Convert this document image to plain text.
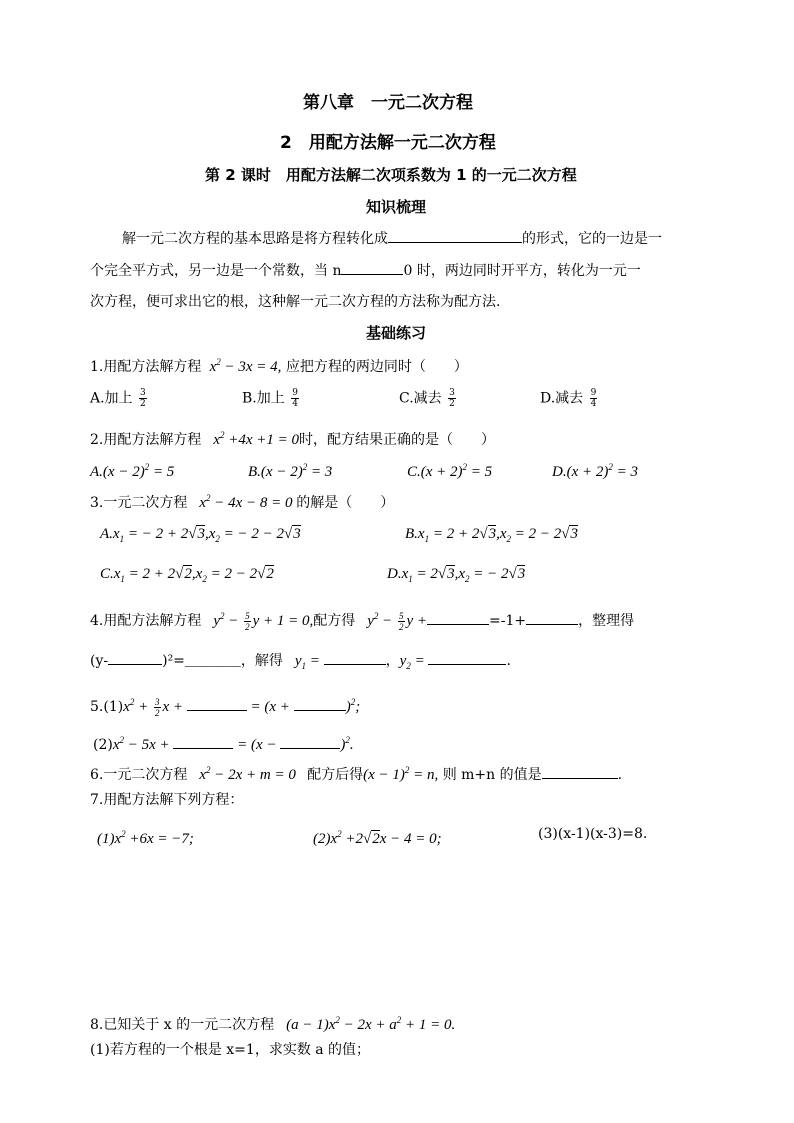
第八章　一元二次方程
2　用配方法解一元二次方程
第 2 课时　用配方法解二次项系数为 1 的一元二次方程
知识梳理
解一元二次方程的基本思路是将方程转化成	的形式，它的一边是一
个完全平方式，另一边是一个常数，当 n	0 时，两边同时开平方，转化为一元一
次方程，便可求出它的根，这种解一元二次方程的方法称为配方法.
基础练习
1.用配方法解方程  $x^2 - 3x = 4$, 应把方程的两边同时（　　）
A.加上 $\frac{3}{2}$	B.加上 $\frac{9}{4}$	C.减去 $\frac{3}{2}$	D.减去 $\frac{9}{4}$
2.用配方法解方程   $x^2 +4x +1 = 0$时，配方结果正确的是（　　）
$A.(x - 2)^2 = 5$	$B.(x - 2)^2 = 3$	$C.(x + 2)^2 = 5$	$D.(x + 2)^2 = 3$
3.一元二次方程   $x^2 - 4x - 8 = 0$ 的解是（　　）
$A.x_1$ = − $2 + 2√3,x_2$ = − 2 − 2√3	$B.x_1 = 2 + 2√3,x_2 = 2 - 2√3$
$C.x_1 = 2 + 2√2,x_2 = 2 - 2√2$	$D.x_1 = 2√3,x_2$ = − 2√3
4.用配方法解方程   $y^2 - \frac{5}{2}$ y + 1 = 0,配方得   $y^2 - \frac{5}{2}$ y +	=-1+	，整理得
(y-	)²=＿＿＿＿，解得   $y_1$ =	，$y_2$ =	.
$5.(1)x^2 + \frac{3}{2}$ x +	= (x +	)$^2$;
$(2)x^2 - 5x$ +	= (x −	)$^2$.
6.一元二次方程   $x^2 - 2x + m = 0$   配方后得$(x - 1)^2 = n$, 则 m+n 的值是	.
7.用配方法解下列方程：
$(1)x^2 +6x = -7$;	$(2)x^2 +2√2x - 4 = 0$;	(3)(x-1)(x-3)=8.
8.已知关于 x 的一元二次方程   $(a - 1)x^2 - 2x + a^2 + 1 = 0$.
(1)若方程的一个根是 x=1，求实数 a 的值；
